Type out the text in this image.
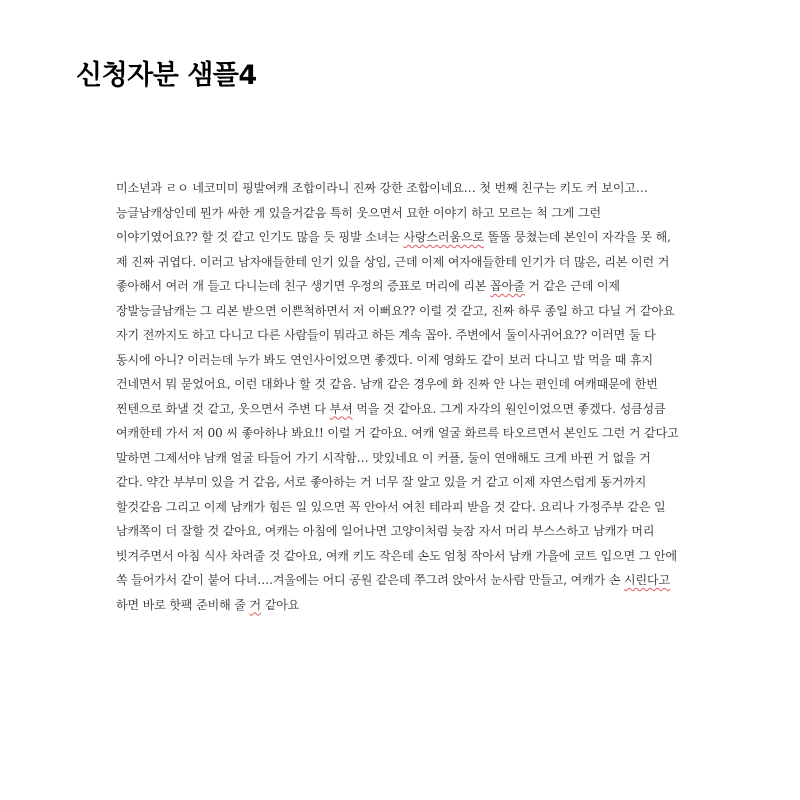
신청자분 샘플4
미소년과 ㄹㅇ 네코미미 핑발여캐 조합이라니 진짜 강한 조합이네요… 첫 번째 친구는 키도 커 보이고…
능글남캐상인데 뭔가 싸한 게 있을거같음 특히 웃으면서 묘한 이야기 하고 모르는 척 그게 그런
이야기였어요?? 할 것 같고 인기도 많을 듯 핑발 소녀는 사랑스러움으로 똘똘 뭉쳤는데 본인이 자각을 못 해,
제 진짜 귀엽다. 이러고 남자애들한테 인기 있을 상임, 근데 이제 여자애들한테 인기가 더 많은, 리본 이런 거
좋아해서 여러 개 들고 다니는데 친구 생기면 우정의 증표로 머리에 리본 꼽아줄 거 같은 근데 이제
장발능글남캐는 그 리본 받으면 이쁜척하면서 저 이뻐요?? 이럴 것 같고, 진짜 하루 종일 하고 다닐 거 같아요
자기 전까지도 하고 다니고 다른 사람들이 뭐라고 하든 계속 꼽아. 주변에서 둘이사귀어요?? 이러면 둘 다
동시에 아니? 이러는데 누가 봐도 연인사이었으면 좋겠다. 이제 영화도 같이 보러 다니고 밥 먹을 때 휴지
건네면서 뭐 묻었어요, 이런 대화나 할 것 같음. 남캐 같은 경우에 화 진짜 안 나는 편인데 여캐때문에 한번
찐텐으로 화낼 것 같고, 웃으면서 주변 다 부셔 먹을 것 같아요. 그게 자각의 원인이었으면 좋겠다. 성큼성큼
여캐한테 가서 저 00 씨 좋아하나 봐요!! 이럴 거 같아요. 여캐 얼굴 화르륵 타오르면서 본인도 그런 거 같다고
말하면 그제서야 남캐 얼굴 타들어 가기 시작함… 맛있네요 이 커플, 둘이 연애해도 크게 바뀐 거 없을 거
같다. 약간 부부미 있을 거 같음, 서로 좋아하는 거 너무 잘 알고 있을 거 같고 이제 자연스럽게 동거까지
할것같음 그리고 이제 남캐가 힘든 일 있으면 꼭 안아서 여친 테라피 받을 것 같다. 요리나 가정주부 같은 일
남캐쪽이 더 잘할 것 같아요, 여캐는 아침에 일어나면 고양이처럼 늦잠 자서 머리 부스스하고 남캐가 머리
빗겨주면서 아침 식사 차려줄 것 같아요, 여캐 키도 작은데 손도 엄청 작아서 남캐 가을에 코트 입으면 그 안에
쏙 들어가서 같이 붙어 다녀….겨울에는 어디 공원 같은데 쭈그려 앉아서 눈사람 만들고, 여캐가 손 시린다고
하면 바로 핫팩 준비해 줄 거 같아요
